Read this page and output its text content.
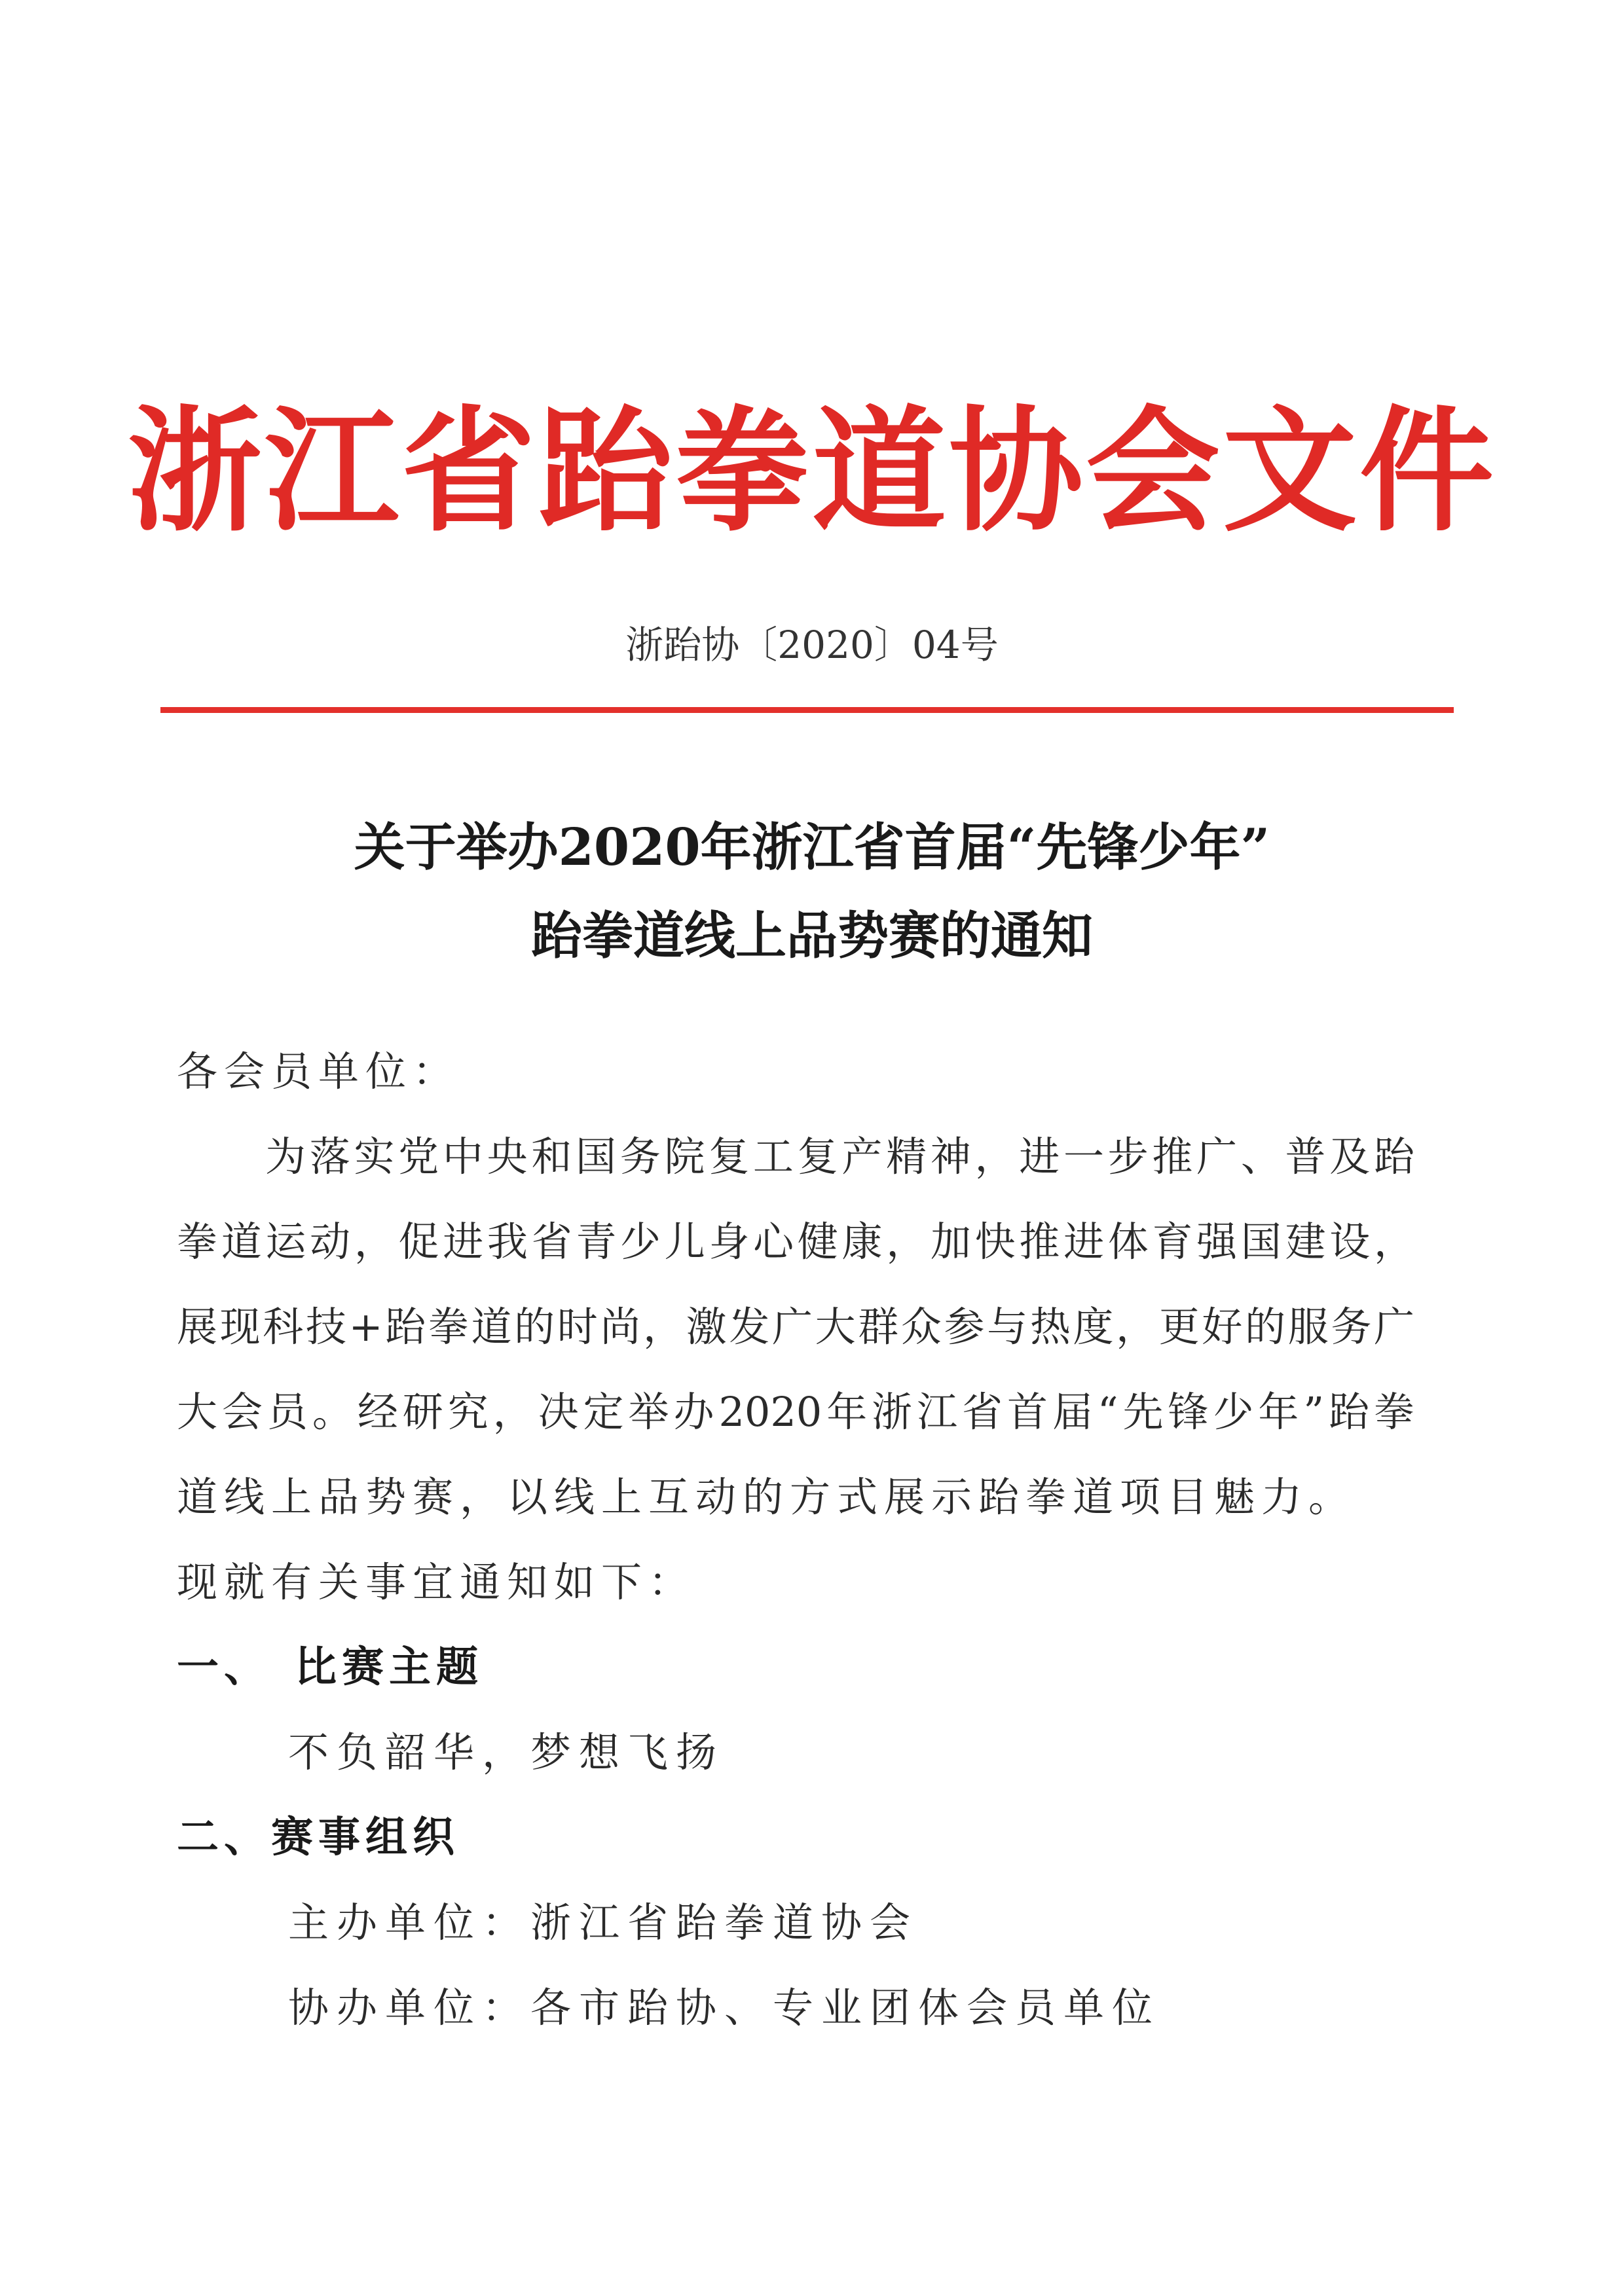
浙江省跆拳道协会文件
浙跆协〔2020〕04号
关于举办2020年浙江省首届“先锋少年”
跆拳道线上品势赛的通知
各会员单位：
为落实党中央和国务院复工复产精神，进一步推广、普及跆
拳道运动，促进我省青少儿身心健康，加快推进体育强国建设，
展现科技+跆拳道的时尚，激发广大群众参与热度，更好的服务广
大会员。经研究，决定举办2020年浙江省首届“先锋少年”跆拳
道线上品势赛，以线上互动的方式展示跆拳道项目魅力。
现就有关事宜通知如下：
一、 比赛主题
不负韶华，梦想飞扬
二、赛事组织
主办单位：浙江省跆拳道协会
协办单位：各市跆协、专业团体会员单位
